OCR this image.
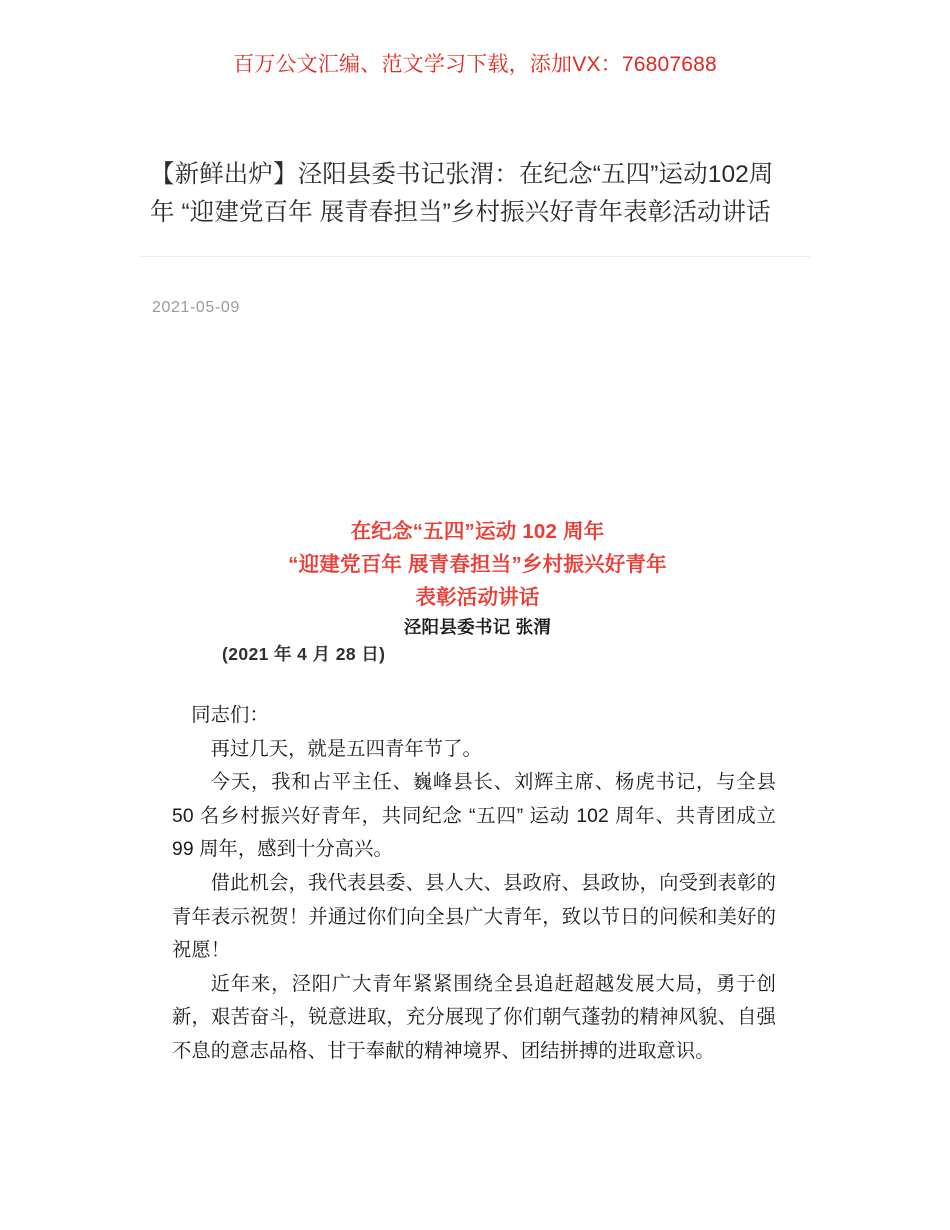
百万公文汇编、范文学习下载，添加VX：76807688
【新鲜出炉】泾阳县委书记张渭：在纪念“五四”运动102周年 “迎建党百年 展青春担当”乡村振兴好青年表彰活动讲话
2021-05-09
在纪念“五四”运动 102 周年
“迎建党百年 展青春担当”乡村振兴好青年
表彰活动讲话
泾阳县委书记 张渭
(2021 年 4 月 28 日)

同志们：

再过几天，就是五四青年节了。

今天，我和占平主任、巍峰县长、刘辉主席、杨虎书记，与全县 50 名乡村振兴好青年，共同纪念 “五四” 运动 102 周年、共青团成立 99 周年，感到十分高兴。

借此机会，我代表县委、县人大、县政府、县政协，向受到表彰的青年表示祝贺！并通过你们向全县广大青年，致以节日的问候和美好的祝愿！

近年来，泾阳广大青年紧紧围绕全县追赶超越发展大局，勇于创新，艰苦奋斗，锐意进取，充分展现了你们朝气蓬勃的精神风貌、自强不息的意志品格、甘于奉献的精神境界、团结拼搏的进取意识。
